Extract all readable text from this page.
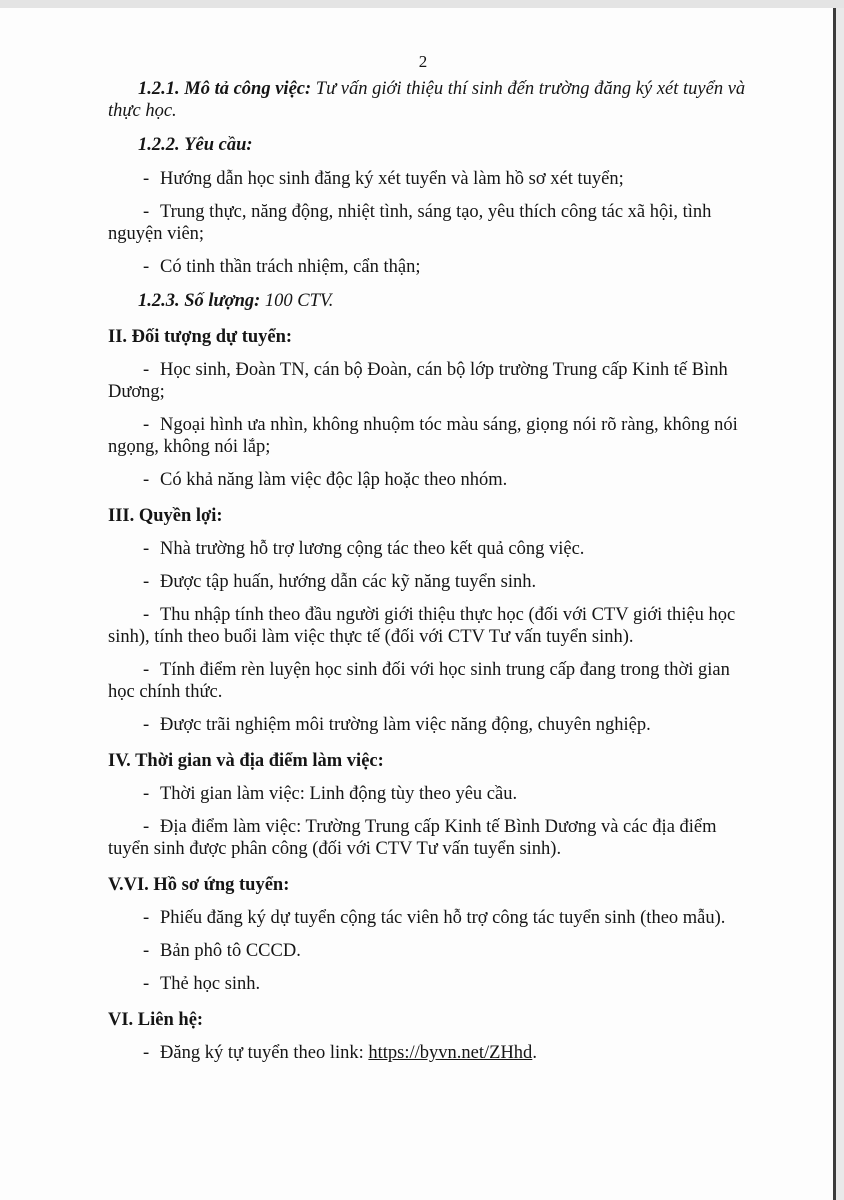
2
1.2.1. Mô tả công việc: Tư vấn giới thiệu thí sinh đến trường đăng ký xét tuyển và thực học.
1.2.2. Yêu cầu:
- Hướng dẫn học sinh đăng ký xét tuyển và làm hồ sơ xét tuyển;
- Trung thực, năng động, nhiệt tình, sáng tạo, yêu thích công tác xã hội, tình nguyện viên;
- Có tinh thần trách nhiệm, cẩn thận;
1.2.3. Số lượng: 100 CTV.
II. Đối tượng dự tuyển:
- Học sinh, Đoàn TN, cán bộ Đoàn, cán bộ lớp trường Trung cấp Kinh tế Bình Dương;
- Ngoại hình ưa nhìn, không nhuộm tóc màu sáng, giọng nói rõ ràng, không nói ngọng, không nói lắp;
- Có khả năng làm việc độc lập hoặc theo nhóm.
III. Quyền lợi:
- Nhà trường hỗ trợ lương cộng tác theo kết quả công việc.
- Được tập huấn, hướng dẫn các kỹ năng tuyển sinh.
- Thu nhập tính theo đầu người giới thiệu thực học (đối với CTV giới thiệu học sinh), tính theo buổi làm việc thực tế (đối với CTV Tư vấn tuyển sinh).
- Tính điểm rèn luyện học sinh đối với học sinh trung cấp đang trong thời gian học chính thức.
- Được trãi nghiệm môi trường làm việc năng động, chuyên nghiệp.
IV. Thời gian và địa điểm làm việc:
- Thời gian làm việc: Linh động tùy theo yêu cầu.
- Địa điểm làm việc: Trường Trung cấp Kinh tế Bình Dương và các địa điểm tuyển sinh được phân công (đối với CTV Tư vấn tuyển sinh).
V.VI. Hồ sơ ứng tuyển:
- Phiếu đăng ký dự tuyển cộng tác viên hỗ trợ công tác tuyển sinh (theo mẫu).
- Bản phô tô CCCD.
- Thẻ học sinh.
VI. Liên hệ:
- Đăng ký tự tuyển theo link: https://byvn.net/ZHhd.
